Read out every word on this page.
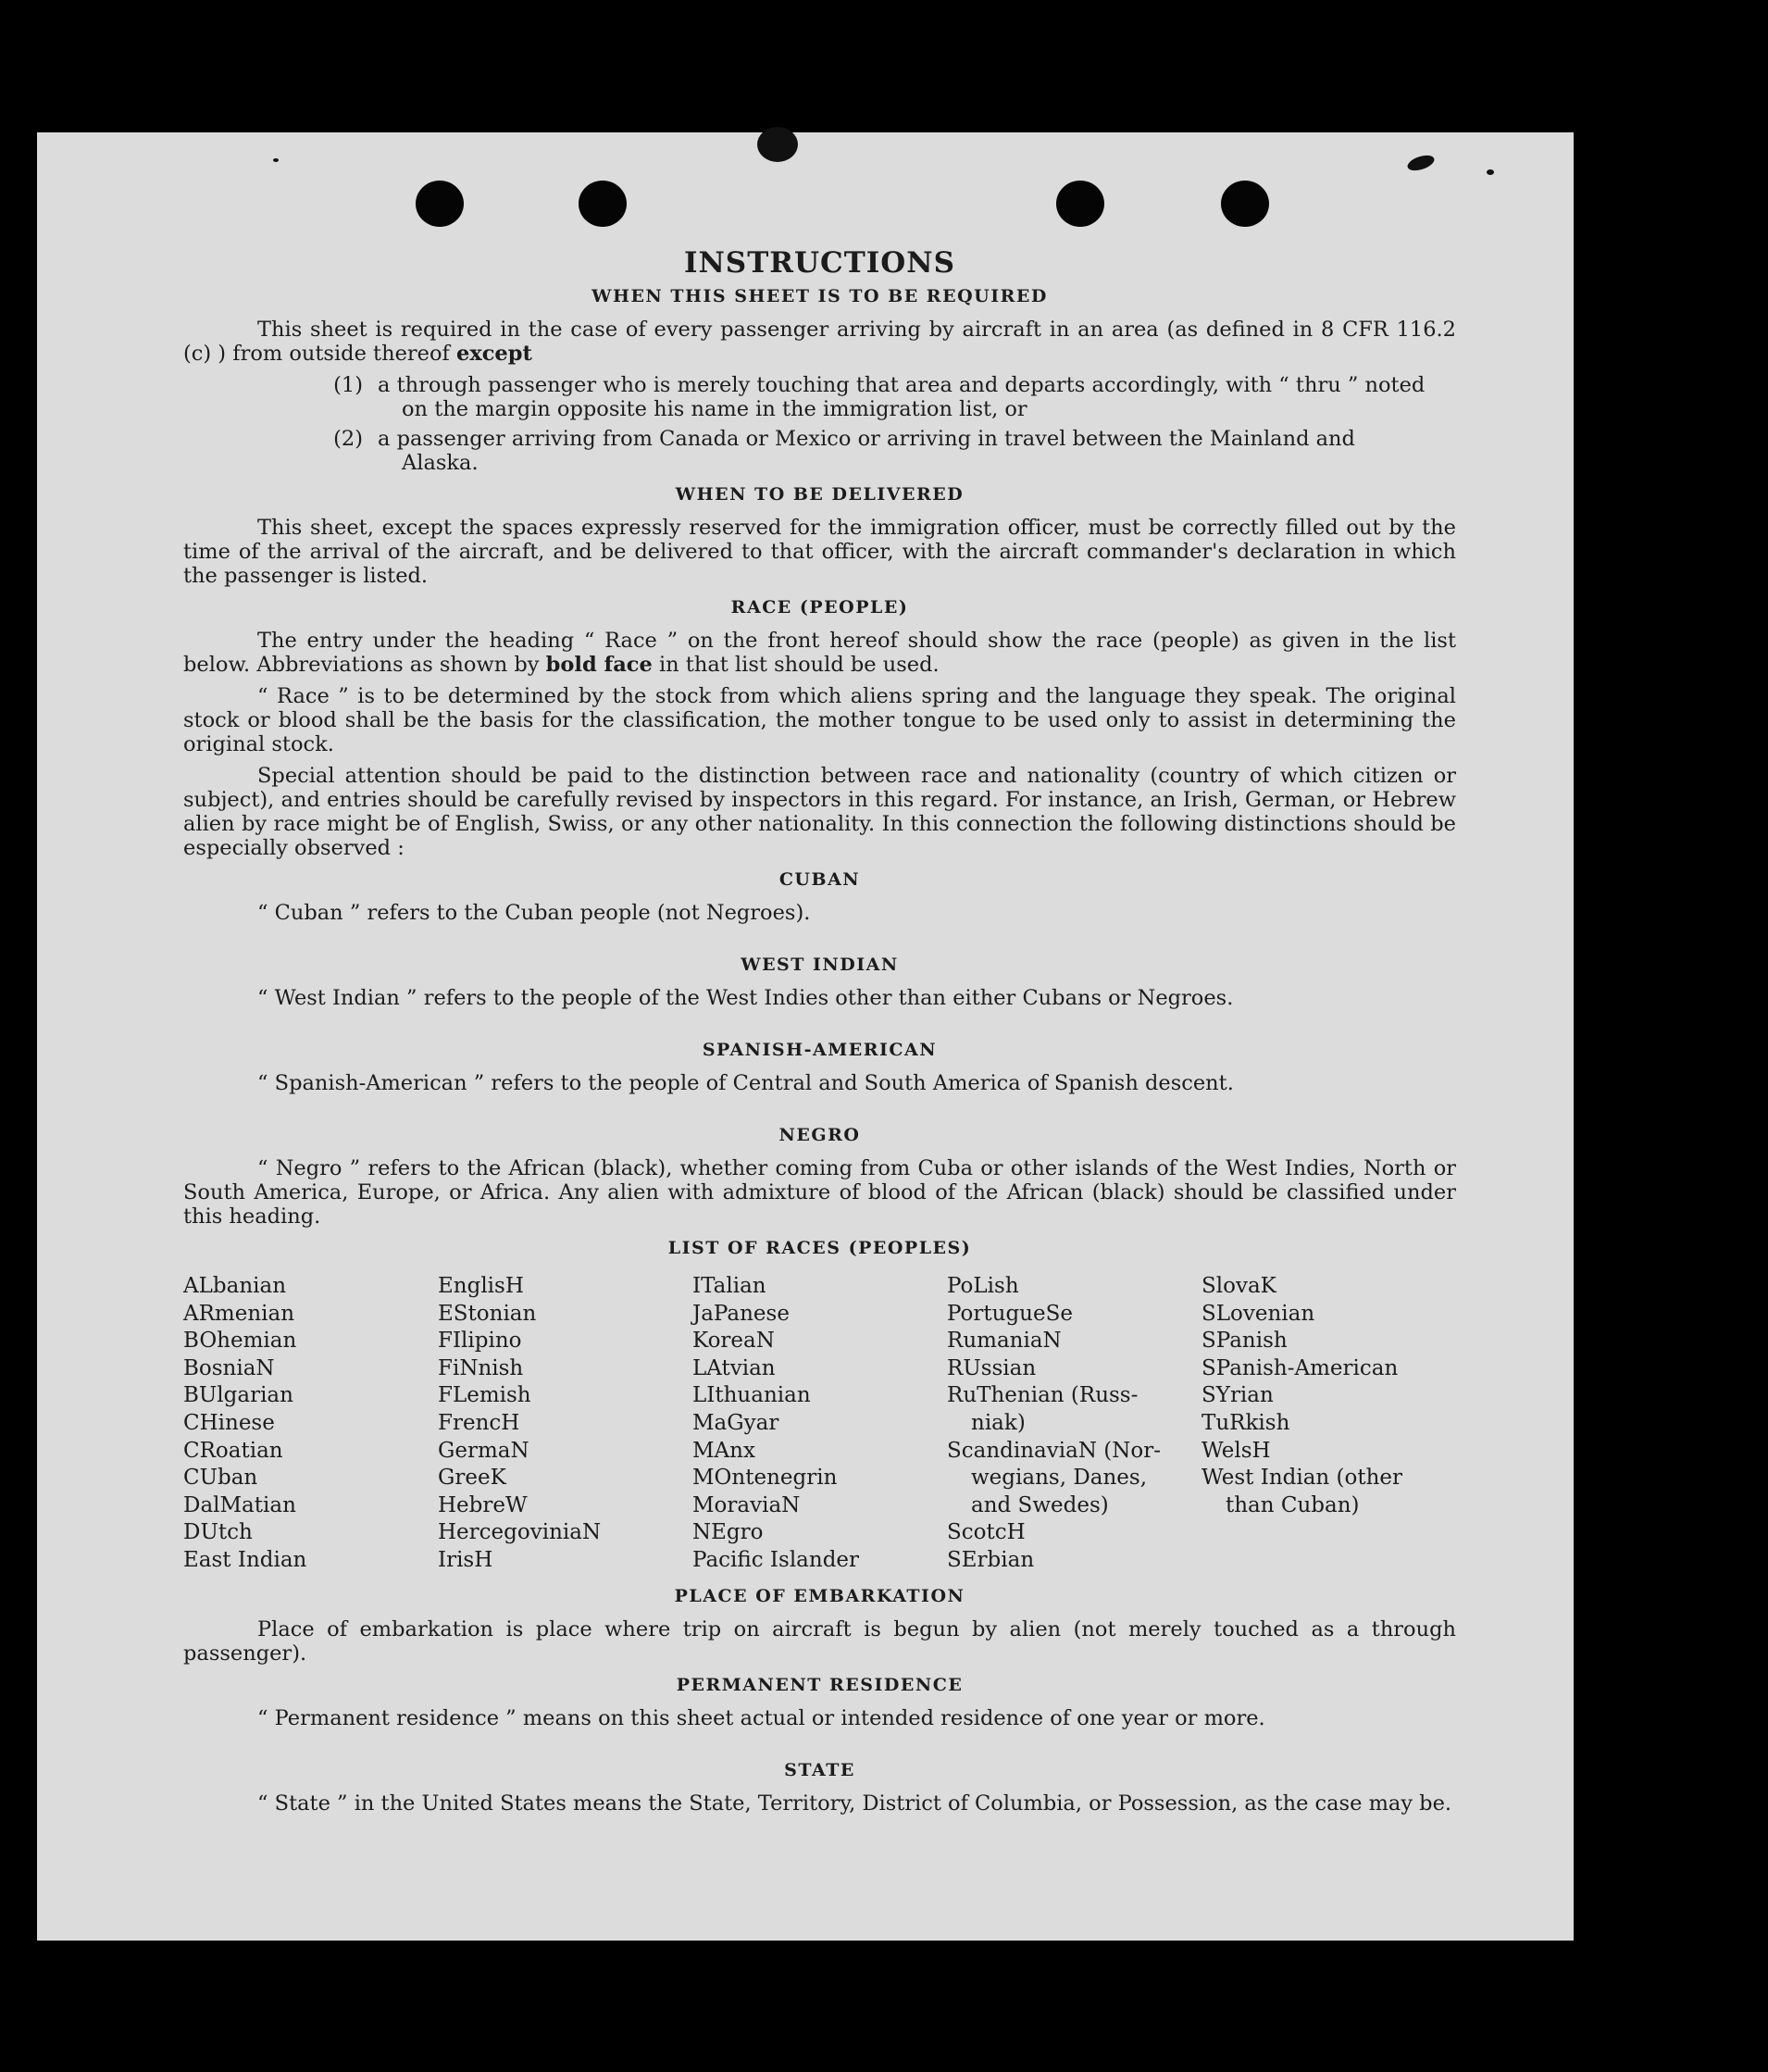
INSTRUCTIONS
WHEN THIS SHEET IS TO BE REQUIRED
This sheet is required in the case of every passenger arriving by aircraft in an area (as defined in 8 CFR 116.2 (c) ) from outside thereof except
(1) a through passenger who is merely touching that area and departs accordingly, with “ thru ” noted
on the margin opposite his name in the immigration list, or
(2) a passenger arriving from Canada or Mexico or arriving in travel between the Mainland and
Alaska.
WHEN TO BE DELIVERED
This sheet, except the spaces expressly reserved for the immigration officer, must be correctly filled out by the time of the arrival of the aircraft, and be delivered to that officer, with the aircraft commander's declaration in which the passenger is listed.
RACE (PEOPLE)
The entry under the heading “ Race ” on the front hereof should show the race (people) as given in the list below. Abbreviations as shown by bold face in that list should be used.
“ Race ” is to be determined by the stock from which aliens spring and the language they speak. The original stock or blood shall be the basis for the classification, the mother tongue to be used only to assist in determining the original stock.
Special attention should be paid to the distinction between race and nationality (country of which citizen or subject), and entries should be carefully revised by inspectors in this regard. For instance, an Irish, German, or Hebrew alien by race might be of English, Swiss, or any other nationality. In this connection the following distinctions should be especially observed :
CUBAN
“ Cuban ” refers to the Cuban people (not Negroes).
WEST INDIAN
“ West Indian ” refers to the people of the West Indies other than either Cubans or Negroes.
SPANISH-AMERICAN
“ Spanish-American ” refers to the people of Central and South America of Spanish descent.
NEGRO
“ Negro ” refers to the African (black), whether coming from Cuba or other islands of the West Indies, North or South America, Europe, or Africa. Any alien with admixture of blood of the African (black) should be classified under this heading.
LIST OF RACES (PEOPLES)
ALbanian
ARmenian
BOhemian
BosniaN
BUlgarian
CHinese
CRoatian
CUban
DalMatian
DUtch
East Indian
EnglisH
EStonian
FIlipino
FiNnish
FLemish
FrencH
GermaN
GreeK
HebreW
HercegoviniaN
IrisH
ITalian
JaPanese
KoreaN
LAtvian
LIthuanian
MaGyar
MAnx
MOntenegrin
MoraviaN
NEgro
Pacific Islander
PoLish
PortugueSe
RumaniaN
RUssian
RuThenian (Russ-
niak)
ScandinaviaN (Nor-
wegians, Danes,
and Swedes)
ScotcH
SErbian
SlovaK
SLovenian
SPanish
SPanish-American
SYrian
TuRkish
WelsH
West Indian (other
than Cuban)
PLACE OF EMBARKATION
Place of embarkation is place where trip on aircraft is begun by alien (not merely touched as a through passenger).
PERMANENT RESIDENCE
“ Permanent residence ” means on this sheet actual or intended residence of one year or more.
STATE
“ State ” in the United States means the State, Territory, District of Columbia, or Possession, as the case may be.
